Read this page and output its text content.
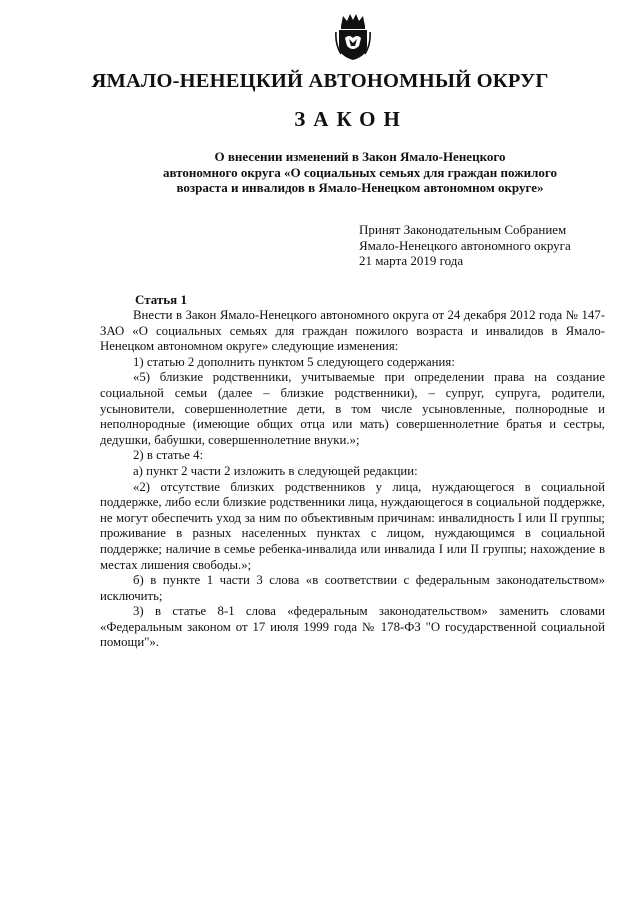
ЯМАЛО-НЕНЕЦКИЙ АВТОНОМНЫЙ ОКРУГ
ЗАКОН
О внесении изменений в Закон Ямало-Ненецкого
автономного округа «О социальных семьях для граждан пожилого
возраста и инвалидов в Ямало-Ненецком автономном округе»
Принят Законодательным Собранием
Ямало-Ненецкого автономного округа
21 марта 2019 года
Статья 1
Внести в Закон Ямало-Ненецкого автономного округа от 24 декабря 2012 года № 147-ЗАО «О социальных семьях для граждан пожилого возраста и инвалидов в Ямало-Ненецком автономном округе» следующие изменения:
1) статью 2 дополнить пунктом 5 следующего содержания:
«5) близкие родственники, учитываемые при определении права на создание социальной семьи (далее – близкие родственники), – супруг, супруга, родители, усыновители, совершеннолетние дети, в том числе усыновленные, полнородные и неполнородные (имеющие общих отца или мать) совершеннолетние братья и сестры, дедушки, бабушки, совершеннолетние внуки.»;
2) в статье 4:
а) пункт 2 части 2 изложить в следующей редакции:
«2) отсутствие близких родственников у лица, нуждающегося в социальной поддержке, либо если близкие родственники лица, нуждающегося в социальной поддержке, не могут обеспечить уход за ним по объективным причинам: инвалидность I или II группы; проживание в разных населенных пунктах с лицом, нуждающимся в социальной поддержке; наличие в семье ребенка-инвалида или инвалида I или II группы; нахождение в местах лишения свободы.»;
б) в пункте 1 части 3 слова «в соответствии с федеральным законодательством» исключить;
3) в статье 8-1 слова «федеральным законодательством» заменить словами «Федеральным законом от 17 июля 1999 года № 178-ФЗ "О государственной социальной помощи"».
